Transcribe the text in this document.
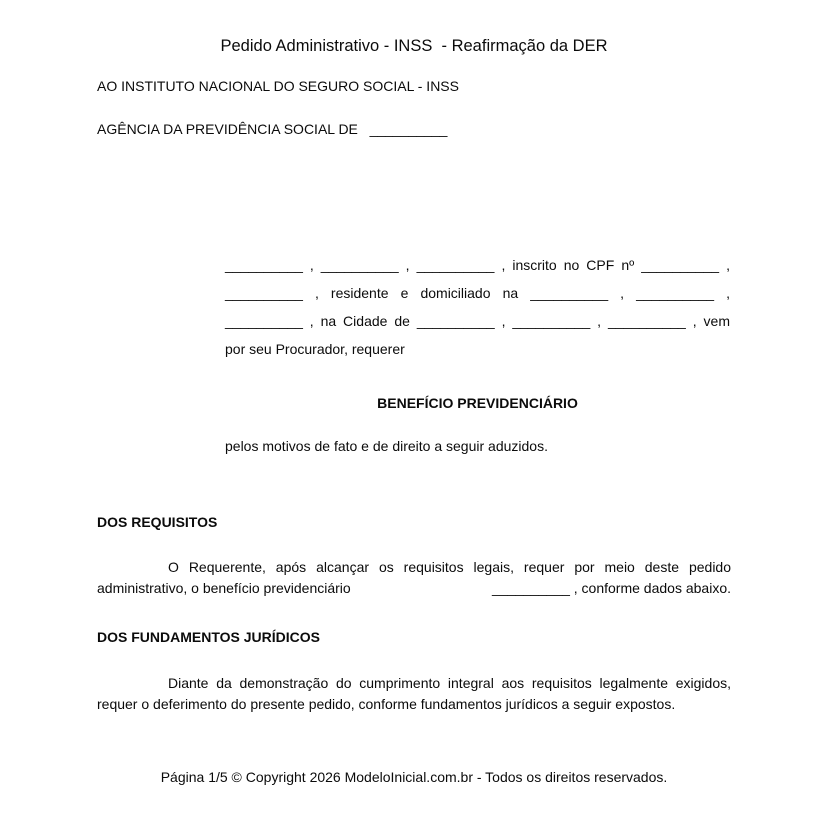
Pedido Administrativo - INSS  - Reafirmação da DER
AO INSTITUTO NACIONAL DO SEGURO SOCIAL - INSS
AGÊNCIA DA PREVIDÊNCIA SOCIAL DE   __________
__________ , __________ , __________ , inscrito no CPF nº __________ ,
__________ , residente e domiciliado na __________ , __________ ,
__________ , na Cidade de __________ , __________ , __________ , vem
por seu Procurador, requerer
BENEFÍCIO PREVIDENCIÁRIO
pelos motivos de fato e de direito a seguir aduzidos.
DOS REQUISITOS
O Requerente, após alcançar os requisitos legais, requer por meio deste pedido
administrativo, o benefício previdenciário	__________ , conforme dados abaixo.
DOS FUNDAMENTOS JURÍDICOS
Diante da demonstração do cumprimento integral aos requisitos legalmente exigidos,
requer o deferimento do presente pedido, conforme fundamentos jurídicos a seguir expostos.
Página 1/5 © Copyright 2026 ModeloInicial.com.br - Todos os direitos reservados.
